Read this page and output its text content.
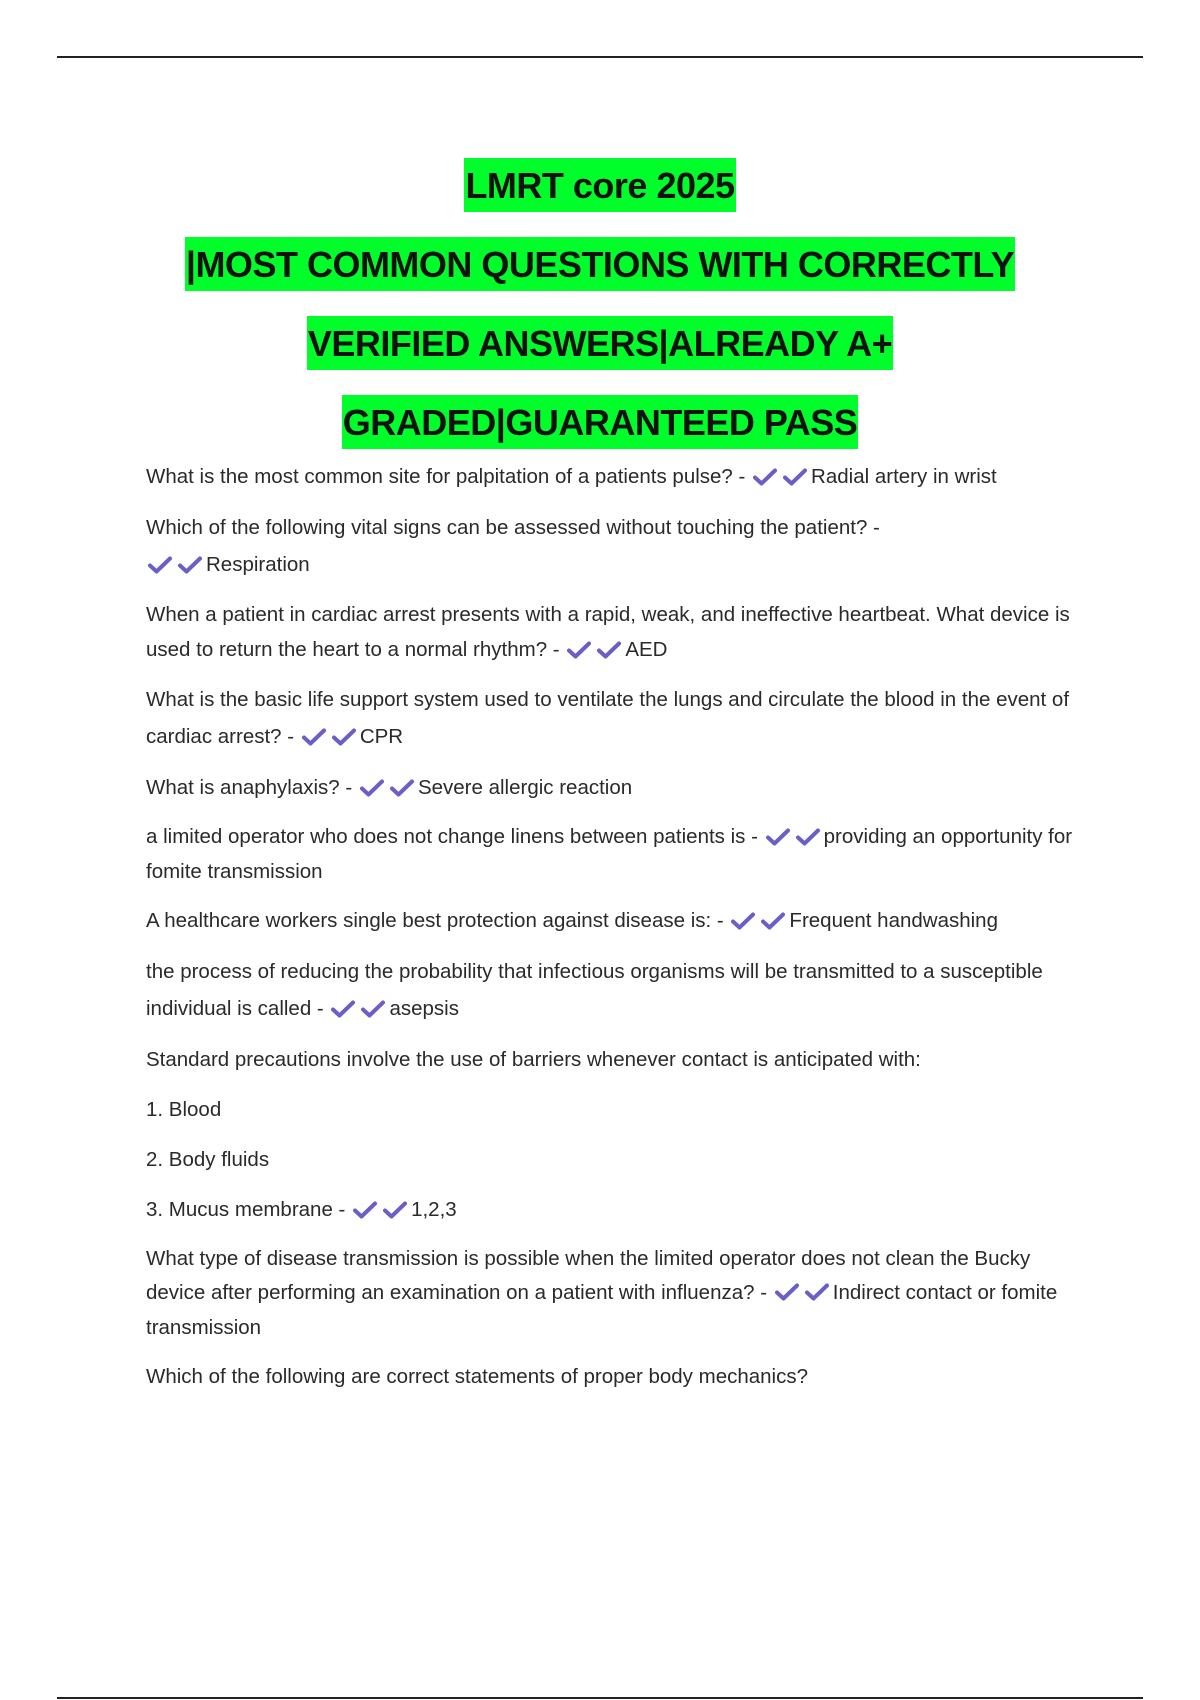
LMRT core 2025
|MOST COMMON QUESTIONS WITH CORRECTLY
VERIFIED ANSWERS|ALREADY A+
GRADED|GUARANTEED PASS

What is the most common site for palpitation of a patients pulse? -	Radial artery in wrist

Which of the following vital signs can be assessed without touching the patient? -
Respiration

When a patient in cardiac arrest presents with a rapid, weak, and ineffective heartbeat. What device is used to return the heart to a normal rhythm? -	AED

What is the basic life support system used to ventilate the lungs and circulate the blood in the event of cardiac arrest? -	CPR

What is anaphylaxis? -	Severe allergic reaction

a limited operator who does not change linens between patients is -	providing an opportunity for fomite transmission

A healthcare workers single best protection against disease is: -	Frequent handwashing

the process of reducing the probability that infectious organisms will be transmitted to a susceptible individual is called -	asepsis

Standard precautions involve the use of barriers whenever contact is anticipated with:

1. Blood

2. Body fluids

3. Mucus membrane -	1,2,3

What type of disease transmission is possible when the limited operator does not clean the Bucky device after performing an examination on a patient with influenza? -	Indirect contact or fomite transmission

Which of the following are correct statements of proper body mechanics?
